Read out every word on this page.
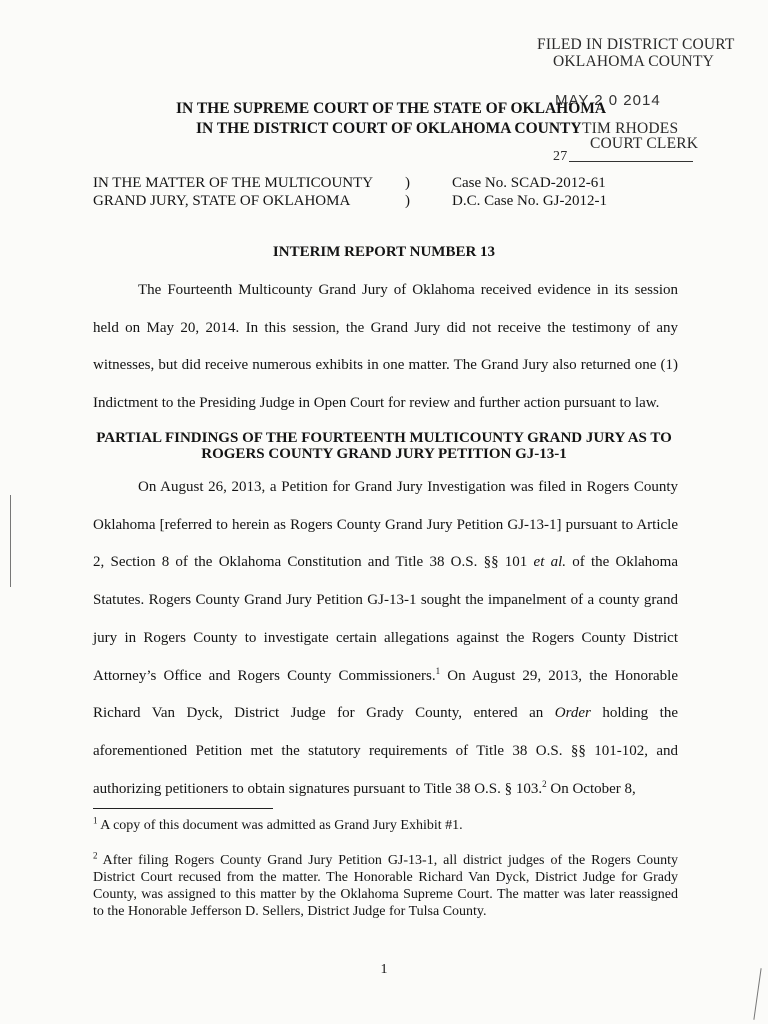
FILED IN DISTRICT COURT
OKLAHOMA COUNTY
MAY 2 0 2014
TIM RHODES
COURT CLERK
27
IN THE SUPREME COURT OF THE STATE OF OKLAHOMA
IN THE DISTRICT COURT OF OKLAHOMA COUNTY
IN THE MATTER OF THE MULTICOUNTY
GRAND JURY, STATE OF OKLAHOMA
)
)
Case No. SCAD-2012-61
D.C. Case No. GJ-2012-1
INTERIM REPORT NUMBER 13

The Fourteenth Multicounty Grand Jury of Oklahoma received evidence in its session held on May 20, 2014. In this session, the Grand Jury did not receive the testimony of any witnesses, but did receive numerous exhibits in one matter. The Grand Jury also returned one (1) Indictment to the Presiding Judge in Open Court for review and further action pursuant to law.

PARTIAL FINDINGS OF THE FOURTEENTH MULTICOUNTY GRAND JURY AS TO
ROGERS COUNTY GRAND JURY PETITION GJ-13-1

On August 26, 2013, a Petition for Grand Jury Investigation was filed in Rogers County Oklahoma [referred to herein as Rogers County Grand Jury Petition GJ-13-1] pursuant to Article 2, Section 8 of the Oklahoma Constitution and Title 38 O.S. §§ 101 et al. of the Oklahoma Statutes. Rogers County Grand Jury Petition GJ-13-1 sought the impanelment of a county grand jury in Rogers County to investigate certain allegations against the Rogers County District Attorney’s Office and Rogers County Commissioners.$^1$ On August 29, 2013, the Honorable Richard Van Dyck, District Judge for Grady County, entered an Order holding the aforementioned Petition met the statutory requirements of Title 38 O.S. §§ 101-102, and authorizing petitioners to obtain signatures pursuant to Title 38 O.S. § 103.$^2$ On October 8,

$^1$ A copy of this document was admitted as Grand Jury Exhibit #1.

$^2$ After filing Rogers County Grand Jury Petition GJ-13-1, all district judges of the Rogers County District Court recused from the matter. The Honorable Richard Van Dyck, District Judge for Grady County, was assigned to this matter by the Oklahoma Supreme Court. The matter was later reassigned to the Honorable Jefferson D. Sellers, District Judge for Tulsa County.

1
